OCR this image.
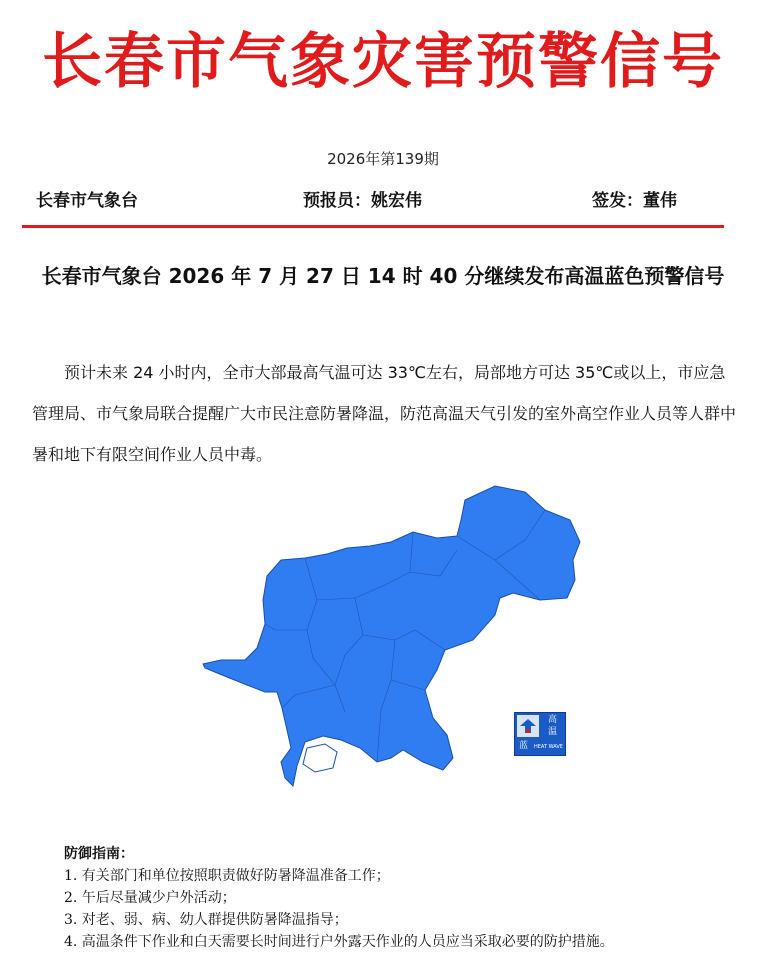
长春市气象灾害预警信号
2026年第139期
长春市气象台	预报员：姚宏伟	签发：董伟
长春市气象台 2026 年 7 月 27 日 14 时 40 分继续发布高温蓝色预警信号
预计未来 24 小时内，全市大部最高气温可达 33℃左右，局部地方可达 35℃或以上，市应急管理局、市气象局联合提醒广大市民注意防暑降温，防范高温天气引发的室外高空作业人员等人群中暑和地下有限空间作业人员中毒。
高
温
蓝 HEAT WAVE
防御指南：
1. 有关部门和单位按照职责做好防暑降温准备工作；
2. 午后尽量减少户外活动；
3. 对老、弱、病、幼人群提供防暑降温指导；
4. 高温条件下作业和白天需要长时间进行户外露天作业的人员应当采取必要的防护措施。
